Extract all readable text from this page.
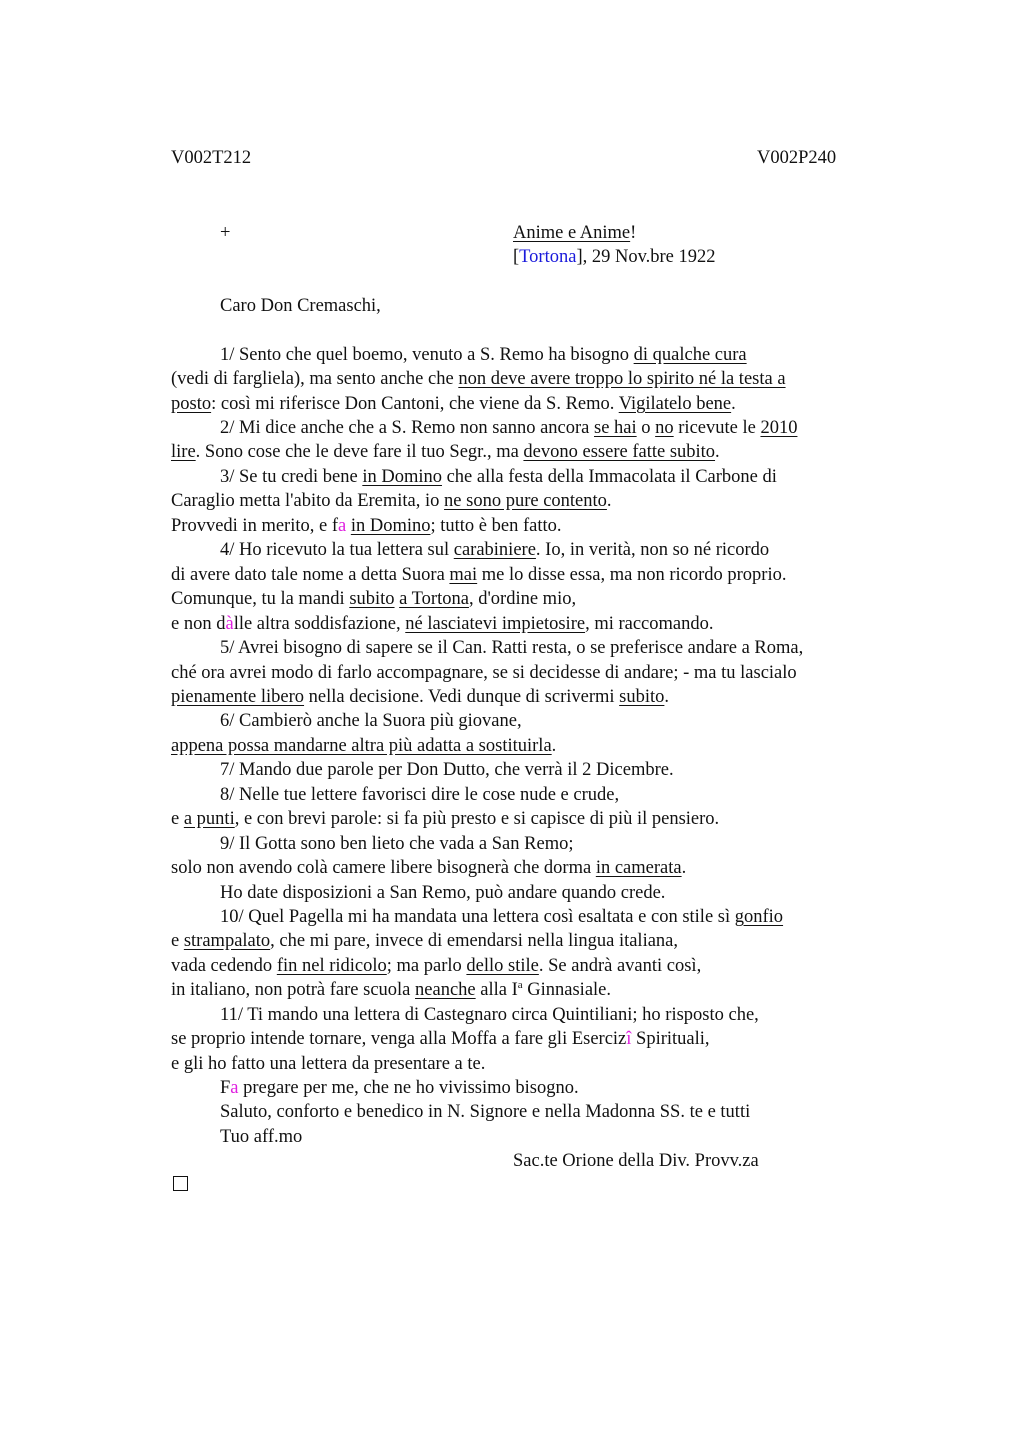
V002T212	V002P240
+	Anime e Anime!
[Tortona], 29 Nov.bre 1922
Caro Don Cremaschi,
1/ Sento che quel boemo, venuto a S. Remo ha bisogno di qualche cura
(vedi di fargliela), ma sento anche che non deve avere troppo lo spirito né la testa a
posto: così mi riferisce Don Cantoni, che viene da S. Remo. Vigilatelo bene.
2/ Mi dice anche che a S. Remo non sanno ancora se hai o no ricevute le 2010
lire. Sono cose che le deve fare il tuo Segr., ma devono essere fatte subito.
3/ Se tu credi bene in Domino che alla festa della Immacolata il Carbone di
Caraglio metta l'abito da Eremita, io ne sono pure contento.
Provvedi in merito, e fa in Domino; tutto è ben fatto.
4/ Ho ricevuto la tua lettera sul carabiniere. Io, in verità, non so né ricordo
di avere dato tale nome a detta Suora mai me lo disse essa, ma non ricordo proprio.
Comunque, tu la mandi subito a Tortona, d'ordine mio,
e non dàlle altra soddisfazione, né lasciatevi impietosire, mi raccomando.
5/ Avrei bisogno di sapere se il Can. Ratti resta, o se preferisce andare a Roma,
ché ora avrei modo di farlo accompagnare, se si decidesse di andare; - ma tu lascialo
pienamente libero nella decisione. Vedi dunque di scrivermi subito.
6/ Cambierò anche la Suora più giovane,
appena possa mandarne altra più adatta a sostituirla.
7/ Mando due parole per Don Dutto, che verrà il 2 Dicembre.
8/ Nelle tue lettere favorisci dire le cose nude e crude,
e a punti, e con brevi parole: si fa più presto e si capisce di più il pensiero.
9/ Il Gotta sono ben lieto che vada a San Remo;
solo non avendo colà camere libere bisognerà che dorma in camerata.
Ho date disposizioni a San Remo, può andare quando crede.
10/ Quel Pagella mi ha mandata una lettera così esaltata e con stile sì gonfio
e strampalato, che mi pare, invece di emendarsi nella lingua italiana,
vada cedendo fin nel ridicolo; ma parlo dello stile. Se andrà avanti così,
in italiano, non potrà fare scuola neanche alla $I^a$ Ginnasiale.
11/ Ti mando una lettera di Castegnaro circa Quintiliani; ho risposto che,
se proprio intende tornare, venga alla Moffa a fare gli Esercizî Spirituali,
e gli ho fatto una lettera da presentare a te.
Fa pregare per me, che ne ho vivissimo bisogno.
Saluto, conforto e benedico in N. Signore e nella Madonna SS. te e tutti
Tuo aff.mo
Sac.te Orione della Div. Provv.za
